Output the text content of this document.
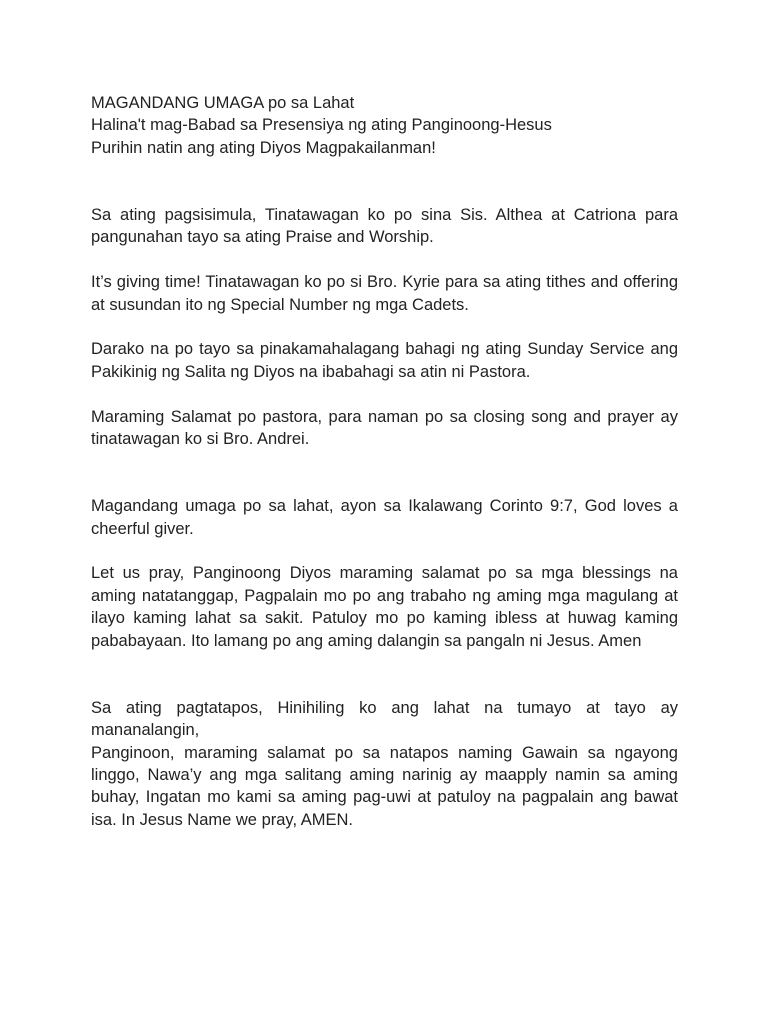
MAGANDANG UMAGA po sa Lahat
Halina't mag-Babad sa Presensiya ng ating Panginoong-Hesus
Purihin natin ang ating Diyos Magpakailanman!

Sa ating pagsisimula, Tinatawagan ko po sina Sis. Althea at Catriona para pangunahan tayo sa ating Praise and Worship.

It’s giving time! Tinatawagan ko po si Bro. Kyrie para sa ating tithes and offering at susundan ito ng Special Number ng mga Cadets.

Darako na po tayo sa pinakamahalagang bahagi ng ating Sunday Service ang Pakikinig ng Salita ng Diyos na ibabahagi sa atin ni Pastora.

Maraming Salamat po pastora, para naman po sa closing song and prayer ay tinatawagan ko si Bro. Andrei.

Magandang umaga po sa lahat, ayon sa Ikalawang Corinto 9:7, God loves a cheerful giver.

Let us pray, Panginoong Diyos maraming salamat po sa mga blessings na aming natatanggap, Pagpalain mo po ang trabaho ng aming mga magulang at ilayo kaming lahat sa sakit. Patuloy mo po kaming ibless at huwag kaming pababayaan. Ito lamang po ang aming dalangin sa pangaln ni Jesus. Amen

Sa ating pagtatapos, Hinihiling ko ang lahat na tumayo at tayo ay mananalangin,

Panginoon, maraming salamat po sa natapos naming Gawain sa ngayong linggo, Nawa’y ang mga salitang aming narinig ay maapply namin sa aming buhay, Ingatan mo kami sa aming pag-uwi at patuloy na pagpalain ang bawat isa. In Jesus Name we pray, AMEN.
